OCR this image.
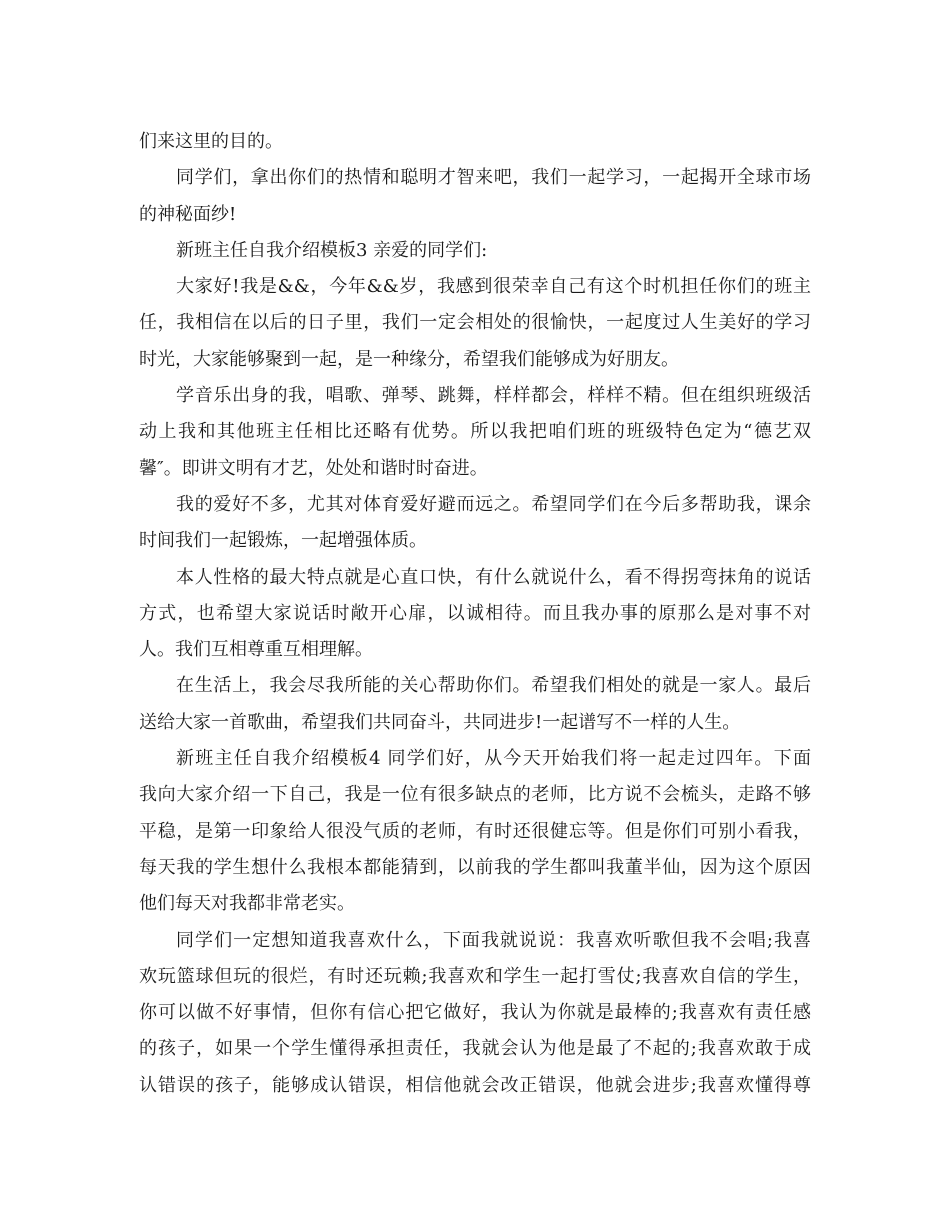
们来这里的目的。
同学们，拿出你们的热情和聪明才智来吧，我们一起学习，一起揭开全球市场
的神秘面纱!
新班主任自我介绍模板3 亲爱的同学们:
大家好!我是&&，今年&&岁，我感到很荣幸自己有这个时机担任你们的班主
任，我相信在以后的日子里，我们一定会相处的很愉快，一起度过人生美好的学习
时光，大家能够聚到一起，是一种缘分，希望我们能够成为好朋友。
学音乐出身的我，唱歌、弹琴、跳舞，样样都会，样样不精。但在组织班级活
动上我和其他班主任相比还略有优势。所以我把咱们班的班级特色定为“德艺双
馨″。即讲文明有才艺，处处和谐时时奋进。
我的爱好不多，尤其对体育爱好避而远之。希望同学们在今后多帮助我，课余
时间我们一起锻炼，一起增强体质。
本人性格的最大特点就是心直口快，有什么就说什么，看不得拐弯抹角的说话
方式，也希望大家说话时敞开心扉，以诚相待。而且我办事的原那么是对事不对
人。我们互相尊重互相理解。
在生活上，我会尽我所能的关心帮助你们。希望我们相处的就是一家人。最后
送给大家一首歌曲，希望我们共同奋斗，共同进步!一起谱写不一样的人生。
新班主任自我介绍模板4 同学们好，从今天开始我们将一起走过四年。下面
我向大家介绍一下自己，我是一位有很多缺点的老师，比方说不会梳头，走路不够
平稳，是第一印象给人很没气质的老师，有时还很健忘等。但是你们可别小看我，
每天我的学生想什么我根本都能猜到，以前我的学生都叫我董半仙，因为这个原因
他们每天对我都非常老实。
同学们一定想知道我喜欢什么，下面我就说说：我喜欢听歌但我不会唱;我喜
欢玩篮球但玩的很烂，有时还玩赖;我喜欢和学生一起打雪仗;我喜欢自信的学生，
你可以做不好事情，但你有信心把它做好，我认为你就是最棒的;我喜欢有责任感
的孩子，如果一个学生懂得承担责任，我就会认为他是最了不起的;我喜欢敢于成
认错误的孩子，能够成认错误，相信他就会改正错误，他就会进步;我喜欢懂得尊
